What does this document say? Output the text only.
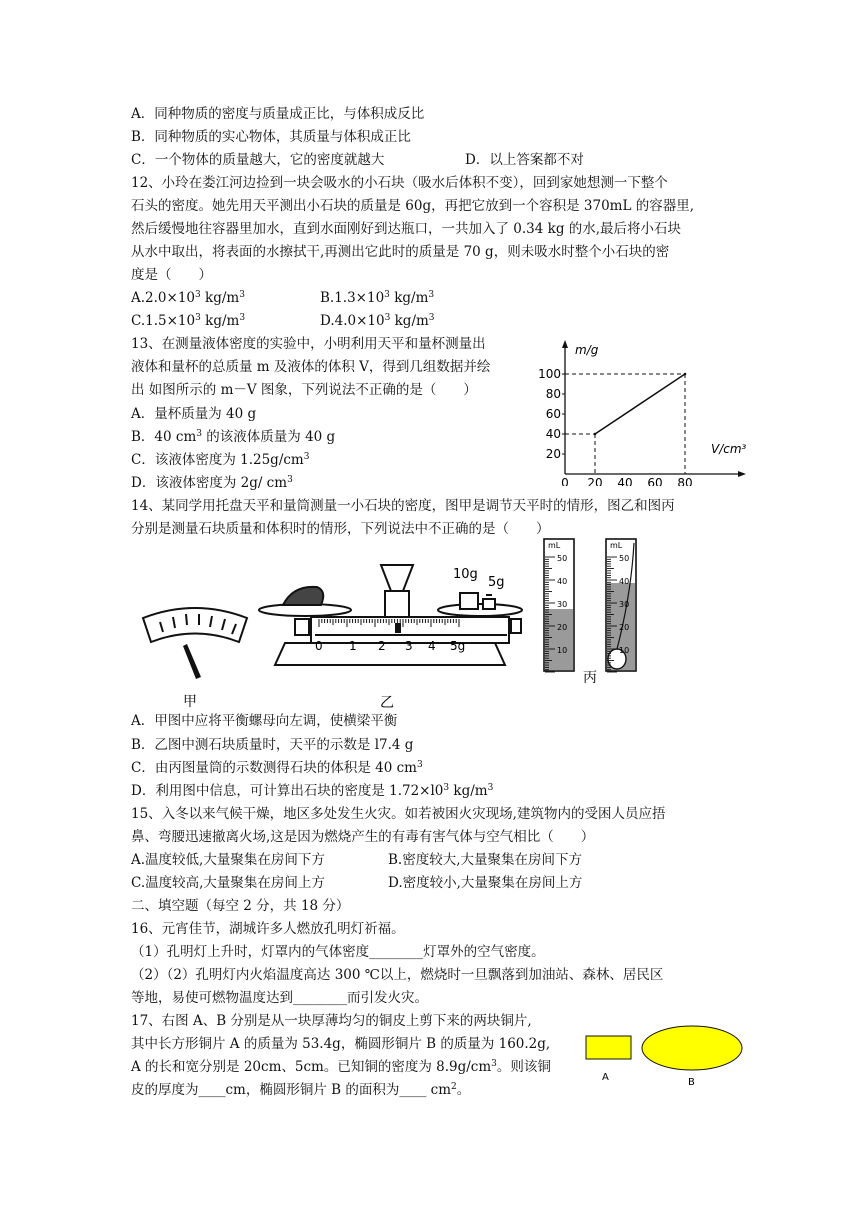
A．同种物质的密度与质量成正比，与体积成反比
B．同种物质的实心物体，其质量与体积成正比
C．一个物体的质量越大，它的密度就越大	D．以上答案都不对
12、小玲在娄江河边捡到一块会吸水的小石块（吸水后体积不变），回到家她想测一下整个
石头的密度。她先用天平测出小石块的质量是 60g，再把它放到一个容积是 370mL 的容器里,
然后缓慢地往容器里加水，直到水面刚好到达瓶口，一共加入了 0.34 kg 的水,最后将小石块
从水中取出，将表面的水擦拭干,再测出它此时的质量是 70 g，则未吸水时整个小石块的密
度是（　　）
$A.2.0\times 10^3$ $kg/m^3$	$B.1.3\times 10^3$ $kg/m^3$
$C.1.5\times 10^3$ $kg/m^3$	$D.4.0\times 10^3$ $kg/m^3$
13、在测量液体密度的实验中，小明利用天平和量杯测量出
液体和量杯的总质量 m 及液体的体积 V，得到几组数据并绘
出 如图所示的 m－V 图象，下列说法不正确的是（　　）
A．量杯质量为 40 g
B．40 $cm^3$ 的该液体质量为 40 g
C．该液体密度为 $1.25g/cm^3$
D．该液体密度为 2g/ $cm^3$
100
80
60
40
20
0 20 40 60 80
m/g
V/cm³
14、某同学用托盘天平和量筒测量一小石块的密度，图甲是调节天平时的情形，图乙和图丙
分别是测量石块质量和体积时的情形，下列说法中不正确的是（　　）
甲
10g
5g
0 1 2 3 4 5g
乙
mL	mL
50
40
30
20
10
50
40
30
20
10
丙
A．甲图中应将平衡螺母向左调，使横梁平衡
B．乙图中测石块质量时，天平的示数是 l7.4 g
C．由丙图量筒的示数测得石块的体积是 40 $cm^3$
D．利用图中信息，可计算出石块的密度是 $1.72\times l0^3$ $kg/m^3$
15、入冬以来气候干燥，地区多处发生火灾。如若被困火灾现场,建筑物内的受困人员应捂
鼻、弯腰迅速撤离火场,这是因为燃烧产生的有毒有害气体与空气相比（　　）
A.温度较低,大量聚集在房间下方	B.密度较大,大量聚集在房间下方
C.温度较高,大量聚集在房间上方	D.密度较小,大量聚集在房间上方
二、填空题（每空 2 分，共 18 分）
16、元宵佳节，湖城许多人燃放孔明灯祈福。
（1）孔明灯上升时，灯罩内的气体密度________灯罩外的空气密度。
（2）（2）孔明灯内火焰温度高达 300 ℃以上，燃烧时一旦飘落到加油站、森林、居民区
等地，易使可燃物温度达到________而引发火灾。
17、右图 A、B 分别是从一块厚薄均匀的铜皮上剪下来的两块铜片,
其中长方形铜片 A 的质量为 53.4g，椭圆形铜片 B 的质量为 160.2g,
A 的长和宽分别是 20cm、5cm。已知铜的密度为 $8.9g/cm^3$。则该铜
皮的厚度为____cm，椭圆形铜片 B 的面积为____ $cm^2$。
A	B
